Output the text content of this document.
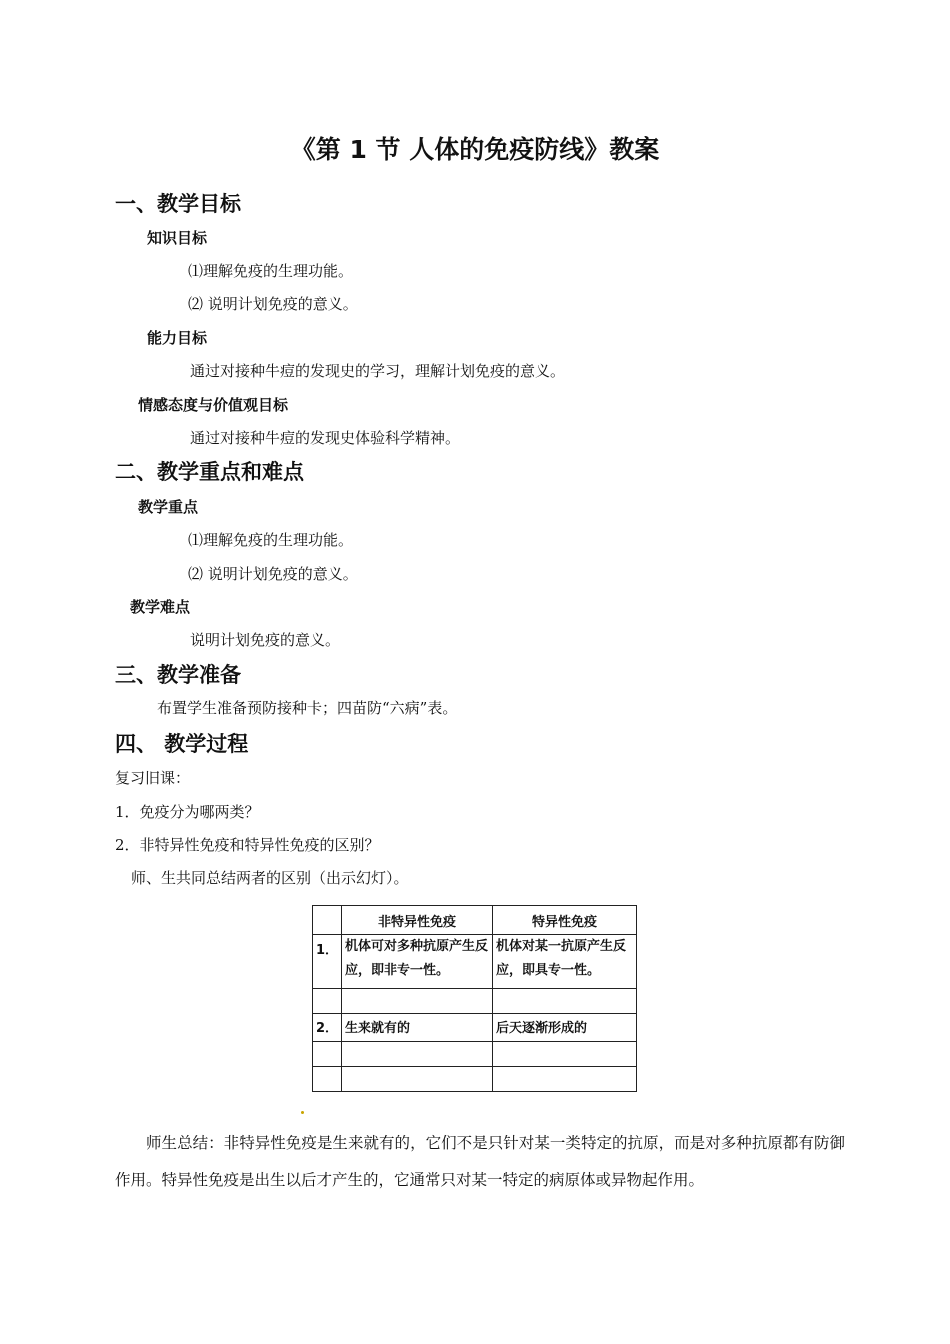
《第 1 节 人体的免疫防线》教案
一、教学目标
知识目标
⑴理解免疫的生理功能。
⑵ 说明计划免疫的意义。
能力目标
通过对接种牛痘的发现史的学习，理解计划免疫的意义。
情感态度与价值观目标
通过对接种牛痘的发现史体验科学精神。
二、教学重点和难点
教学重点
⑴理解免疫的生理功能。
⑵ 说明计划免疫的意义。
教学难点
说明计划免疫的意义。
三、教学准备
布置学生准备预防接种卡；四苗防“六病”表。
四、 教学过程
复习旧课：
1．免疫分为哪两类？
2．非特异性免疫和特异性免疫的区别？
师、生共同总结两者的区别（出示幻灯）。
	非特异性免疫	特异性免疫
1．	机体可对多种抗原产生反应，即非专一性。	机体对某一抗原产生反应，即具专一性。

2．	生来就有的	后天逐渐形成的

师生总结：非特异性免疫是生来就有的，它们不是只针对某一类特定的抗原，而是对多种抗原都有防御作用。特异性免疫是出生以后才产生的，它通常只对某一特定的病原体或异物起作用。
